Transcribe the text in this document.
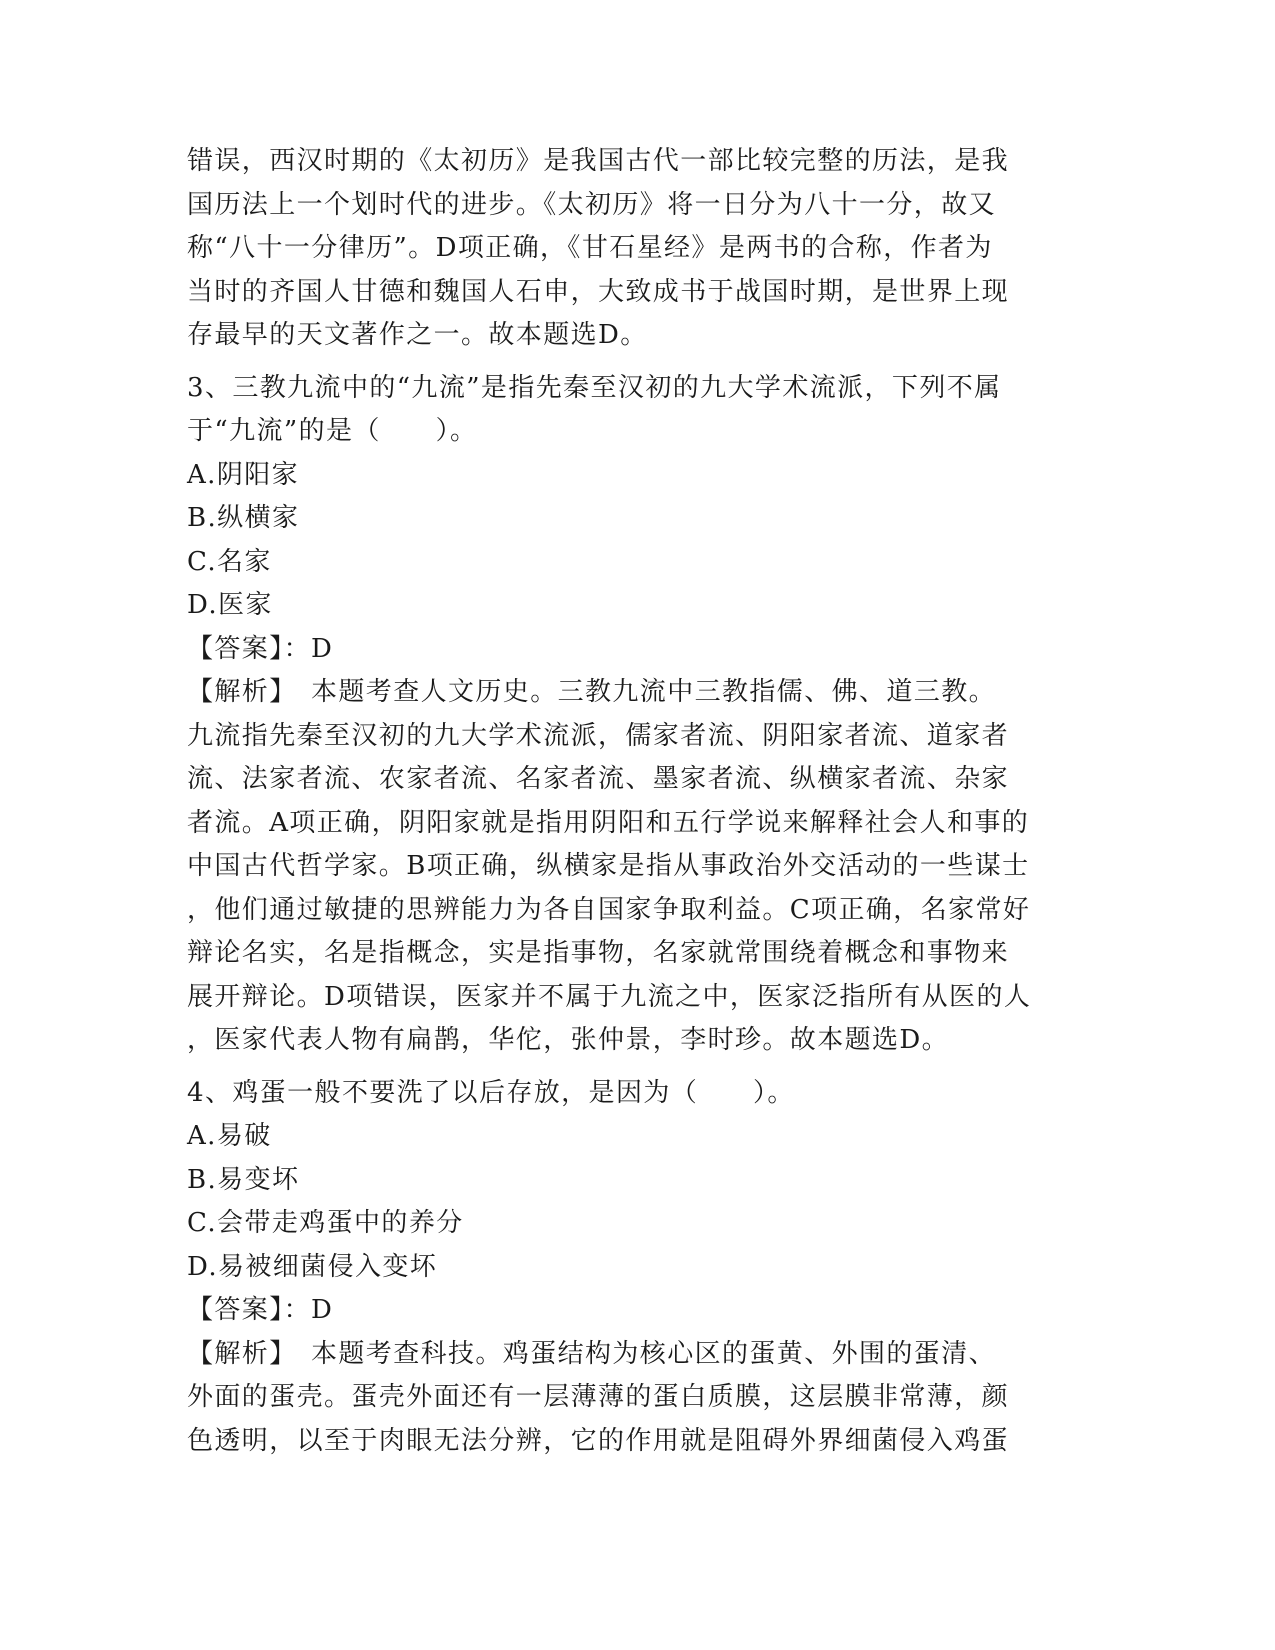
错误，西汉时期的《太初历》是我国古代一部比较完整的历法，是我
国历法上一个划时代的进步。《太初历》将一日分为八十一分，故又
称“八十一分律历”。D项正确，《甘石星经》是两书的合称，作者为
当时的齐国人甘德和魏国人石申，大致成书于战国时期，是世界上现
存最早的天文著作之一。故本题选D。
3、三教九流中的“九流”是指先秦至汉初的九大学术流派，下列不属
于“九流”的是（　　）。
A.阴阳家
B.纵横家
C.名家
D.医家
【答案】：D
【解析】　本题考查人文历史。三教九流中三教指儒、佛、道三教。
九流指先秦至汉初的九大学术流派，儒家者流、阴阳家者流、道家者
流、法家者流、农家者流、名家者流、墨家者流、纵横家者流、杂家
者流。A项正确，阴阳家就是指用阴阳和五行学说来解释社会人和事的
中国古代哲学家。B项正确，纵横家是指从事政治外交活动的一些谋士
，他们通过敏捷的思辨能力为各自国家争取利益。C项正确，名家常好
辩论名实，名是指概念，实是指事物，名家就常围绕着概念和事物来
展开辩论。D项错误，医家并不属于九流之中，医家泛指所有从医的人
，医家代表人物有扁鹊，华佗，张仲景，李时珍。故本题选D。
4、鸡蛋一般不要洗了以后存放，是因为（　　）。
A.易破
B.易变坏
C.会带走鸡蛋中的养分
D.易被细菌侵入变坏
【答案】：D
【解析】　本题考查科技。鸡蛋结构为核心区的蛋黄、外围的蛋清、
外面的蛋壳。蛋壳外面还有一层薄薄的蛋白质膜，这层膜非常薄，颜
色透明，以至于肉眼无法分辨，它的作用就是阻碍外界细菌侵入鸡蛋
